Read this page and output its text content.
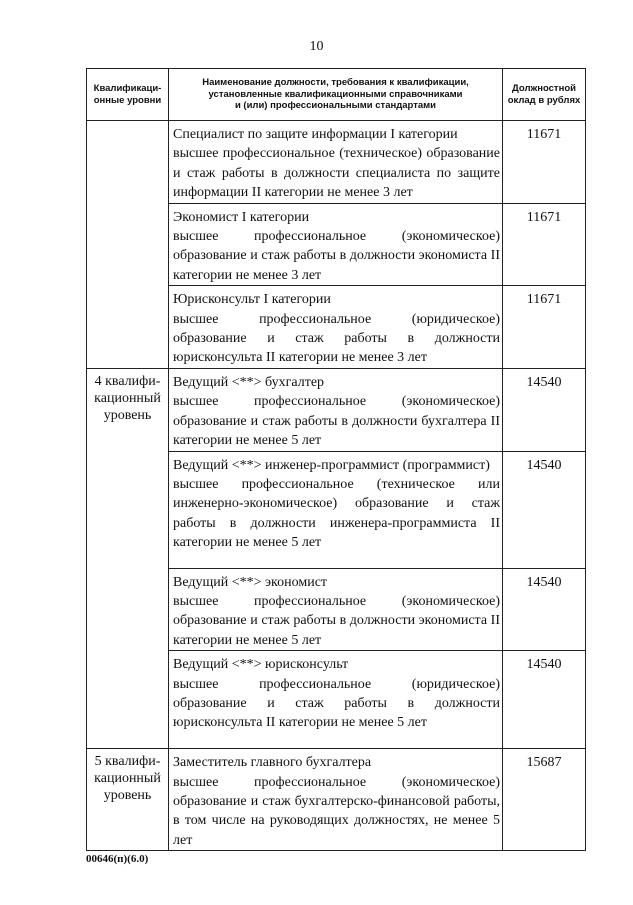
10
Квалификаци-
онные уровни	Наименование должности, требования к квалификации,
установленные квалификационными справочниками
и (или) профессиональными стандартами	Должностной
оклад в рублях

	Специалист по защите информации I категории
высшее профессиональное (техническое) образование и стаж работы в должности специалиста по защите информации II категории не менее 3 лет	11671

	Экономист I категории
высшее профессиональное (экономическое) образование и стаж работы в должности экономиста II категории не менее 3 лет	11671

	Юрисконсульт I категории
высшее профессиональное (юридическое) образование и стаж работы в должности юрисконсульта II категории не менее 3 лет	11671
4 квалифи-
кационный
уровень	Ведущий <**> бухгалтер
высшее профессиональное (экономическое) образование и стаж работы в должности бухгалтера II категории не менее 5 лет	14540

	Ведущий <**> инженер-программист (программист)
высшее профессиональное (техническое или инженерно-экономическое) образование и стаж работы в должности инженера-программиста II категории не менее 5 лет	14540

	Ведущий <**> экономист
высшее профессиональное (экономическое) образование и стаж работы в должности экономиста II категории не менее 5 лет	14540

	Ведущий <**> юрисконсульт
высшее профессиональное (юридическое) образование и стаж работы в должности юрисконсульта II категории не менее 5 лет	14540
5 квалифи-
кационный
уровень	Заместитель главного бухгалтера
высшее профессиональное (экономическое) образование и стаж бухгалтерско-финансовой работы, в том числе на руководящих должностях, не менее 5 лет	15687
00646(п)(6.0)
